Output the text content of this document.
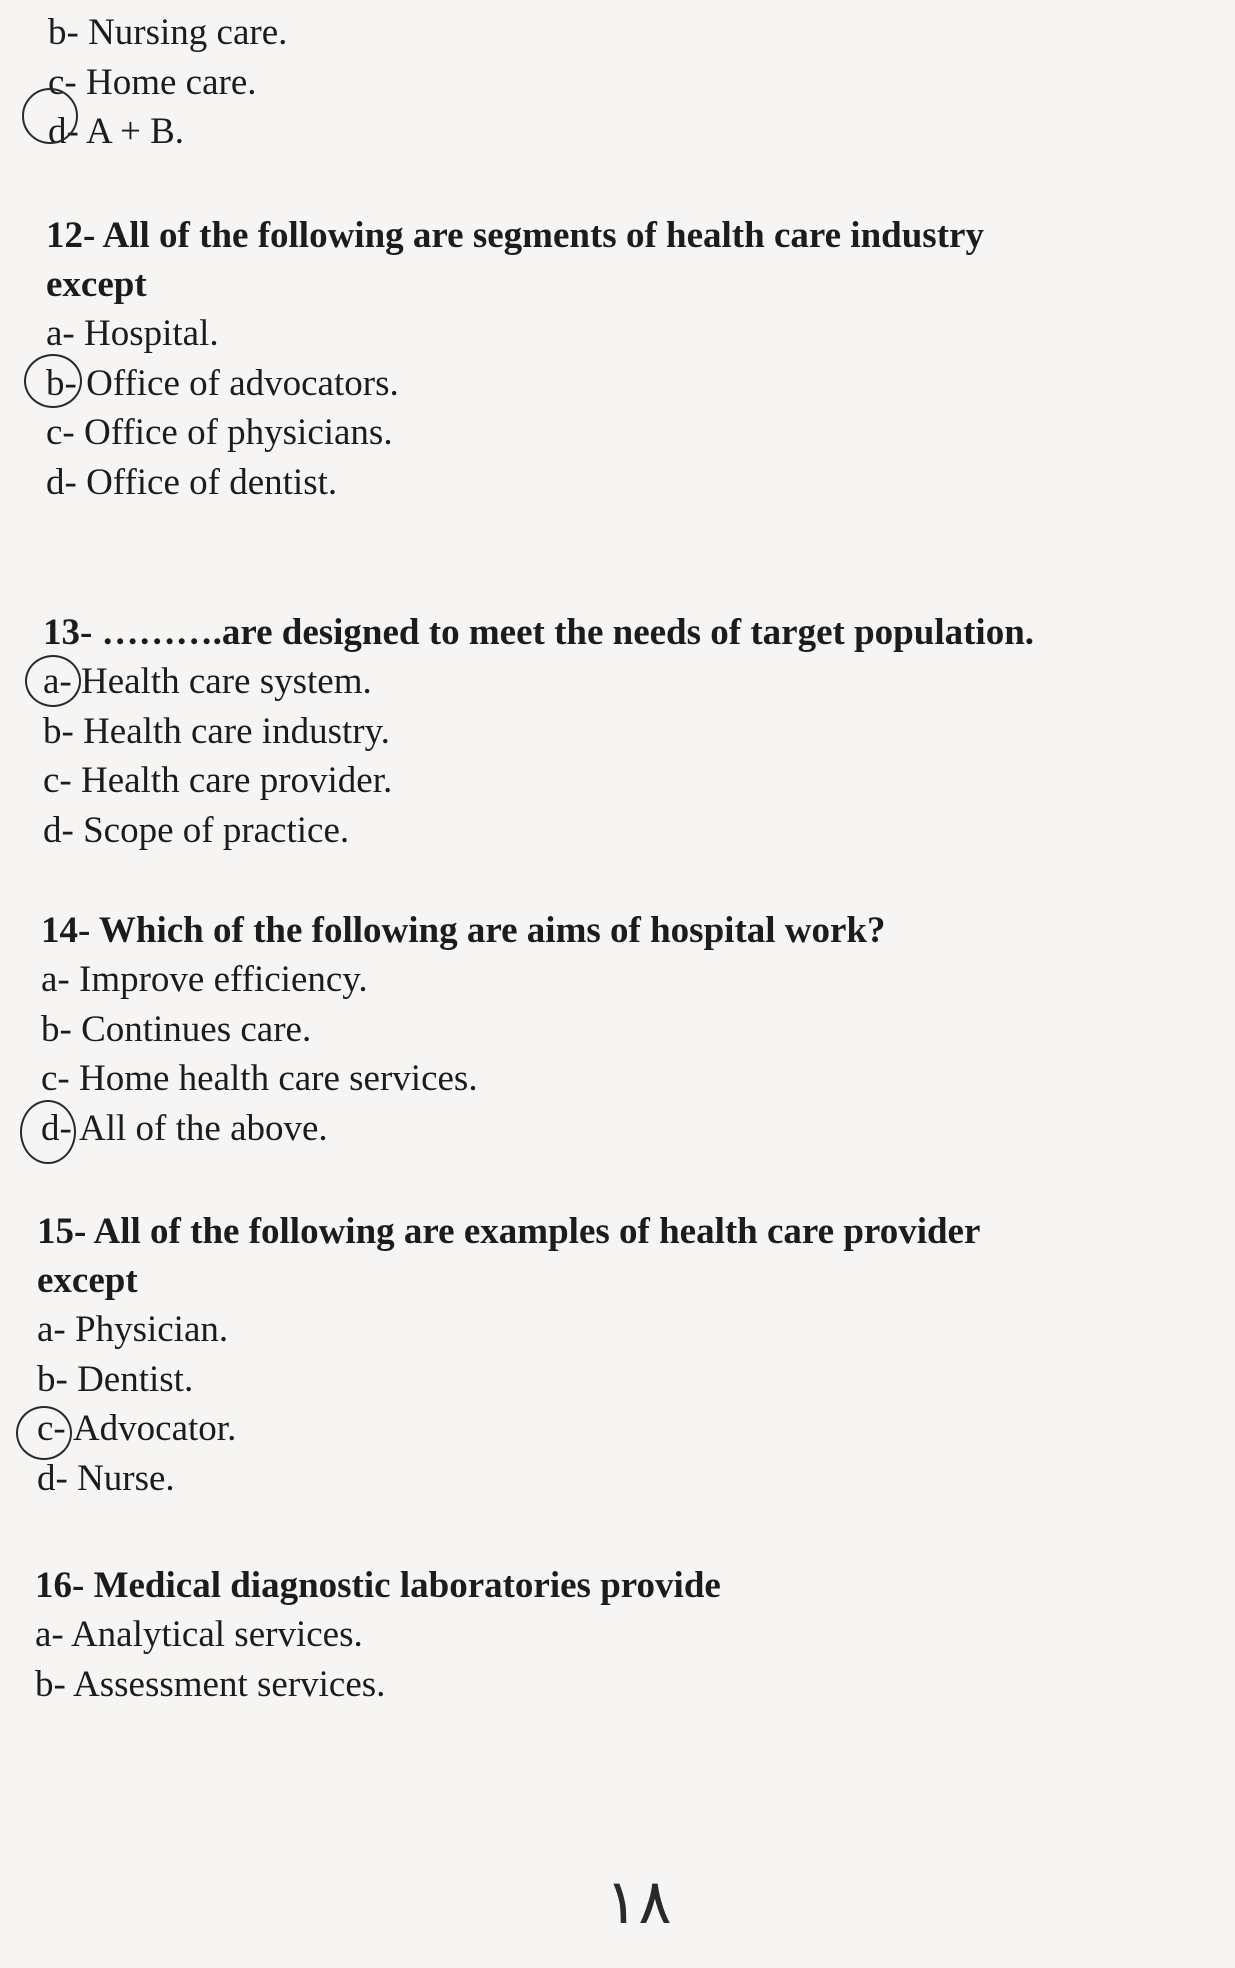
b- Nursing care.
c- Home care.
d- A + B.
12- All of the following are segments of health care industry
except
a- Hospital.
b- Office of advocators.
c- Office of physicians.
d- Office of dentist.
13- ……….are designed to meet the needs of target population.
a- Health care system.
b- Health care industry.
c- Health care provider.
d- Scope of practice.
14- Which of the following are aims of hospital work?
a- Improve efficiency.
b- Continues care.
c- Home health care services.
d- All of the above.
15- All of the following are examples of health care provider
except
a- Physician.
b- Dentist.
c- Advocator.
d- Nurse.
16- Medical diagnostic laboratories provide
a- Analytical services.
b- Assessment services.
١٨
